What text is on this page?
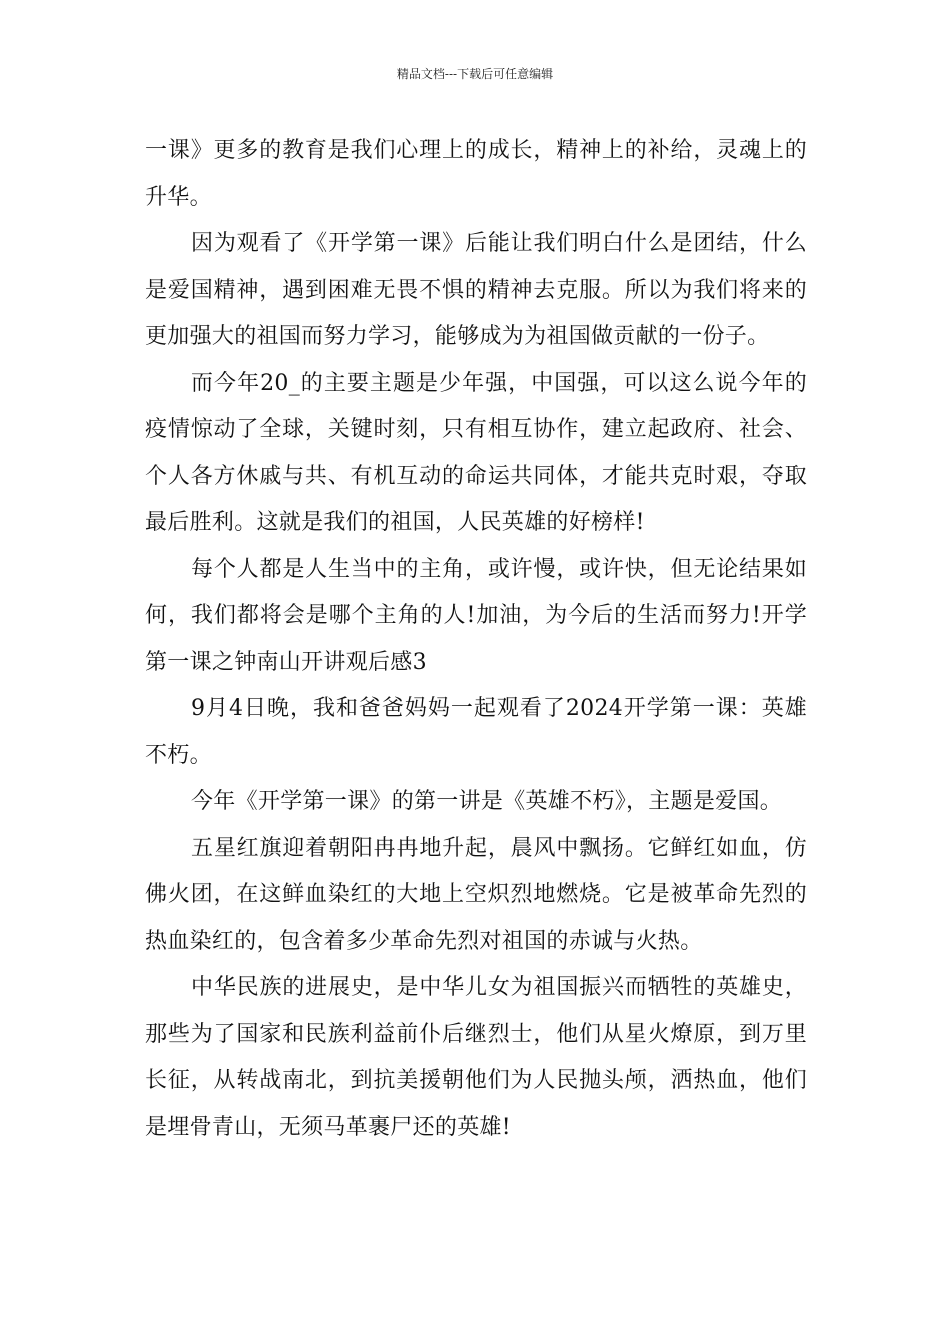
精品文档---下载后可任意编辑

一课》更多的教育是我们心理上的成长，精神上的补给，灵魂上的升华。

因为观看了《开学第一课》后能让我们明白什么是团结，什么是爱国精神，遇到困难无畏不惧的精神去克服。所以为我们将来的更加强大的祖国而努力学习，能够成为为祖国做贡献的一份子。

而今年20_的主要主题是少年强，中国强，可以这么说今年的疫情惊动了全球，关键时刻，只有相互协作，建立起政府、社会、个人各方休戚与共、有机互动的命运共同体，才能共克时艰，夺取最后胜利。这就是我们的祖国，人民英雄的好榜样!

每个人都是人生当中的主角，或许慢，或许快，但无论结果如何，我们都将会是哪个主角的人!加油，为今后的生活而努力!开学第一课之钟南山开讲观后感3

9月4日晚，我和爸爸妈妈一起观看了2024开学第一课：英雄不朽。

今年《开学第一课》的第一讲是《英雄不朽》，主题是爱国。

五星红旗迎着朝阳冉冉地升起，晨风中飘扬。它鲜红如血，仿佛火团，在这鲜血染红的大地上空炽烈地燃烧。它是被革命先烈的热血染红的，包含着多少革命先烈对祖国的赤诚与火热。

中华民族的进展史，是中华儿女为祖国振兴而牺牲的英雄史，那些为了国家和民族利益前仆后继烈士，他们从星火燎原，到万里长征，从转战南北，到抗美援朝他们为人民抛头颅，洒热血，他们是埋骨青山，无须马革裹尸还的英雄!
